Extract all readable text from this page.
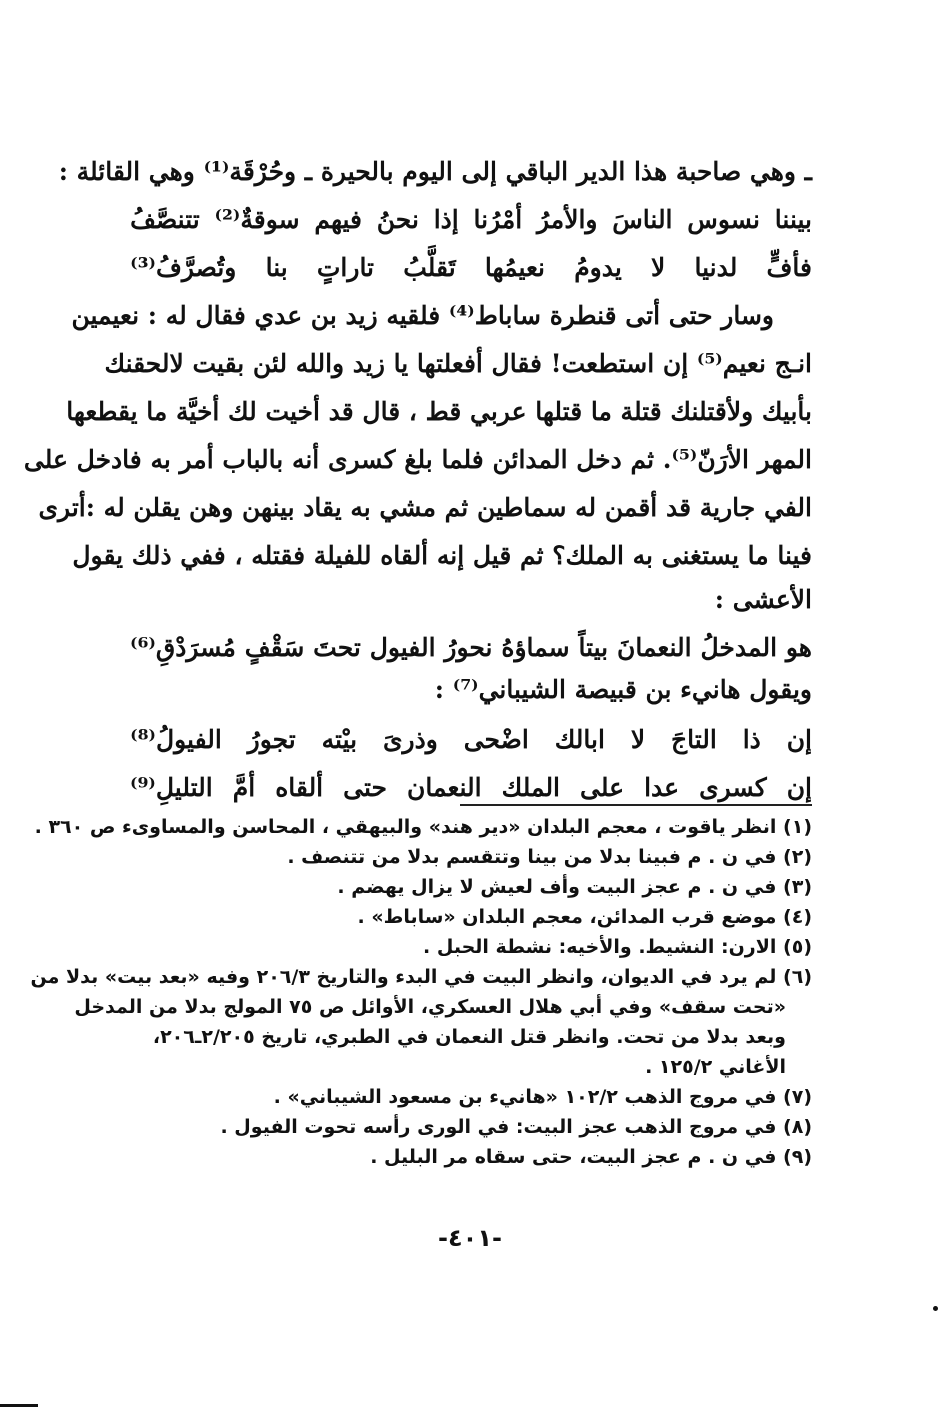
ـ وهي صاحبة هذا الدير الباقي إلى اليوم بالحيرة ـ وحُرْقَة⁽¹⁾ وهي القائلة :
بيننا
نسوس
الناسَ
والأمرُ
أمْرُنا
إذا
نحنُ
فيهم
سوقةٌ⁽²⁾
تتنصَّفُ
فأفٍّ
لدنيا
لا
يدومُ
نعيمُها
تَقلَّبُ
تاراتٍ
بنا
وتُصرَّفُ⁽³⁾
وسار حتى أتى قنطرة ساباط⁽⁴⁾ فلقيه زيد بن عدي فقال له : نعيمين
انـج نعيم⁽⁵⁾ إن استطعت! فقال أفعلتها يا زيد والله لئن بقيت لالحقنك
بأبيك ولأقتلنك قتلة ما قتلها عربي قط ، قال قد أخيت لك أخيَّة ما يقطعها
المهر الأرَنّ⁽⁵⁾. ثم دخل المدائن فلما بلغ كسرى أنه بالباب أمر به فادخل على
الفي جارية قد أقمن له سماطين ثم مشي به يقاد بينهن وهن يقلن له :أترى
فينا ما يستغنى به الملك؟ ثم قيل إنه ألقاه للفيلة فقتله ، ففي ذلك يقول
الأعشى :
هو
المدخلُ
النعمانَ
بيتاً
سماؤهُ
نحورُ
الفيول
تحتَ
سَقْفٍ
مُسرَدْقِ⁽⁶⁾
ويقول هانيء بن قبيصة الشيباني⁽⁷⁾ :
إن
ذا
التاجَ
لا
ابالك
اضْحى
وذرىَ
بيْته
تجورُ
الفيولُ⁽⁸⁾
إن
كسرى
عدا
على
الملك
النعمان
حتى
ألقاه
أمَّ
التليلِ⁽⁹⁾
(١) انظر ياقوت ، معجم البلدان «دير هند» والبيهقي ، المحاسن والمساوىء ص ٣٦٠ .
(٢) في ن . م فبينا بدلا من بينا وتتقسم بدلا من تتنصف .
(٣) في ن . م عجز البيت وأف لعيش لا يزال يهضم .
(٤) موضع قرب المدائن، معجم البلدان «ساباط» .
(٥) الارن: النشيط. والأخيه: نشطة الحبل .
(٦) لم يرد في الديوان، وانظر البيت في البدء والتاريخ ٢٠٦/٣ وفيه «بعد بيت» بدلا من
«تحت سقف» وفي أبي هلال العسكري، الأوائل ص ٧٥ المولج بدلا من المدخل
وبعد بدلا من تحت. وانظر قتل النعمان في الطبري، تاريخ ٢/٢٠٥ـ٢٠٦،
الأغاني ١٢٥/٢ .
(٧) في مروج الذهب ١٠٢/٢ «هانيء بن مسعود الشيباني» .
(٨) في مروج الذهب عجز البيت: في الورى رأسه تحوت الفيول .
(٩) في ن . م عجز البيت، حتى سقاه مر البليل .
-٤٠١-
